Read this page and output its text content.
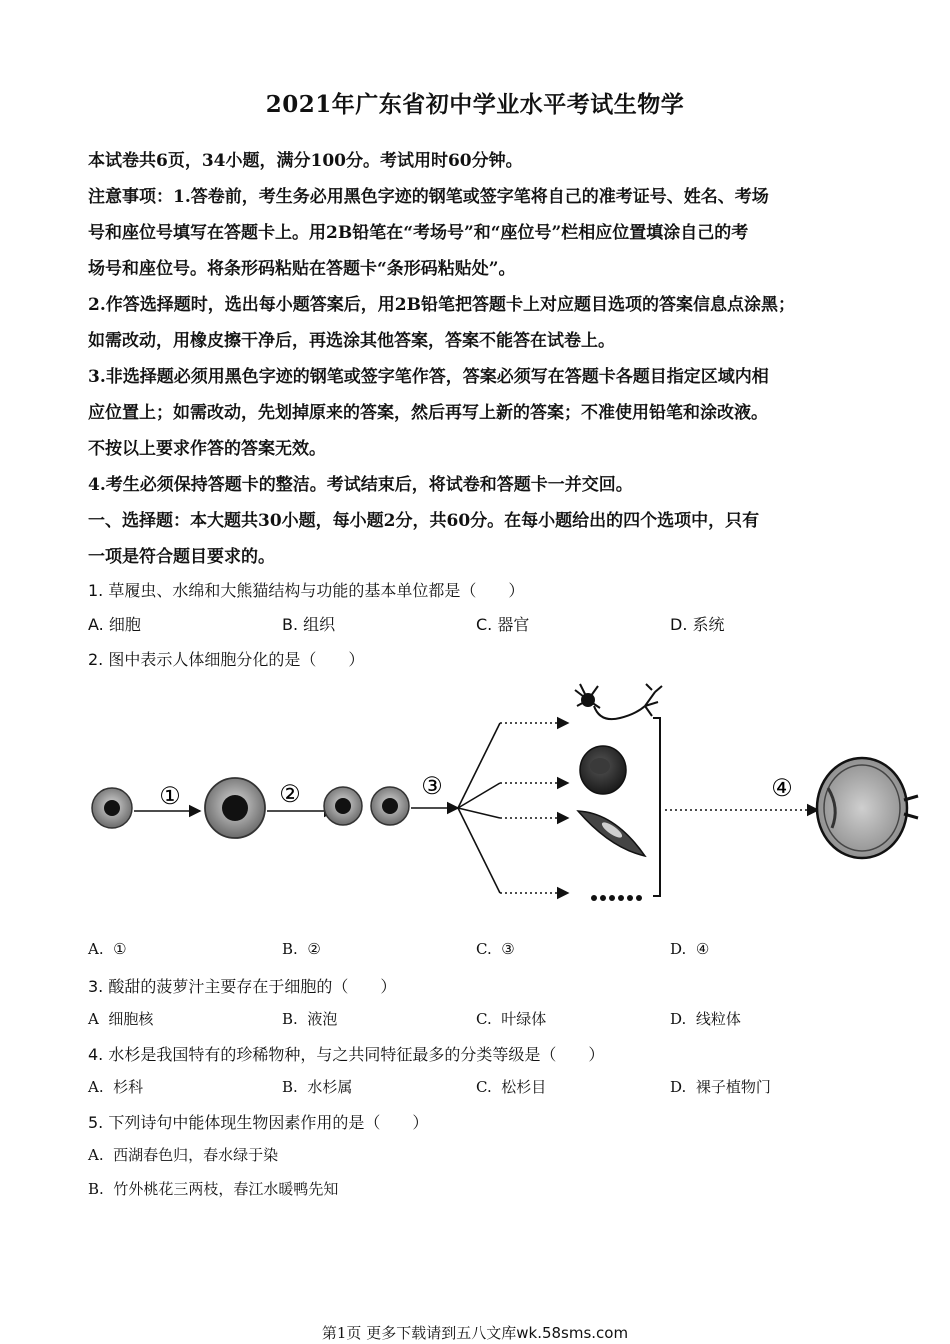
2021年广东省初中学业水平考试生物学
本试卷共6页，34小题，满分100分。考试用时60分钟。
注意事项：1.答卷前，考生务必用黑色字迹的钢笔或签字笔将自己的准考证号、姓名、考场
号和座位号填写在答题卡上。用2B铅笔在“考场号”和“座位号”栏相应位置填涂自己的考
场号和座位号。将条形码粘贴在答题卡“条形码粘贴处”。
2.作答选择题时，选出每小题答案后，用2B铅笔把答题卡上对应题目选项的答案信息点涂黑；
如需改动，用橡皮擦干净后，再选涂其他答案，答案不能答在试卷上。
3.非选择题必须用黑色字迹的钢笔或签字笔作答，答案必须写在答题卡各题目指定区域内相
应位置上；如需改动，先划掉原来的答案，然后再写上新的答案；不准使用铅笔和涂改液。
不按以上要求作答的答案无效。
4.考生必须保持答题卡的整洁。考试结束后，将试卷和答题卡一并交回。
一、选择题：本大题共30小题，每小题2分，共60分。在每小题给出的四个选项中，只有
一项是符合题目要求的。
1. 草履虫、水绵和大熊猫结构与功能的基本单位都是（　　）
A. 细胞	B. 组织	C. 器官	D. 系统
2. 图中表示人体细胞分化的是（　　）
①	②	③	④
A. ①	B. ②	C. ③	D. ④
3. 酸甜的菠萝汁主要存在于细胞的（　　）
A 细胞核	B. 液泡	C. 叶绿体	D. 线粒体
4. 水杉是我国特有的珍稀物种，与之共同特征最多的分类等级是（　　）
A. 杉科	B. 水杉属	C. 松杉目	D. 裸子植物门
5. 下列诗句中能体现生物因素作用的是（　　）
A. 西湖春色归，春水绿于染
B. 竹外桃花三两枝，春江水暖鸭先知
第1页 更多下载请到五八文库wk.58sms.com
